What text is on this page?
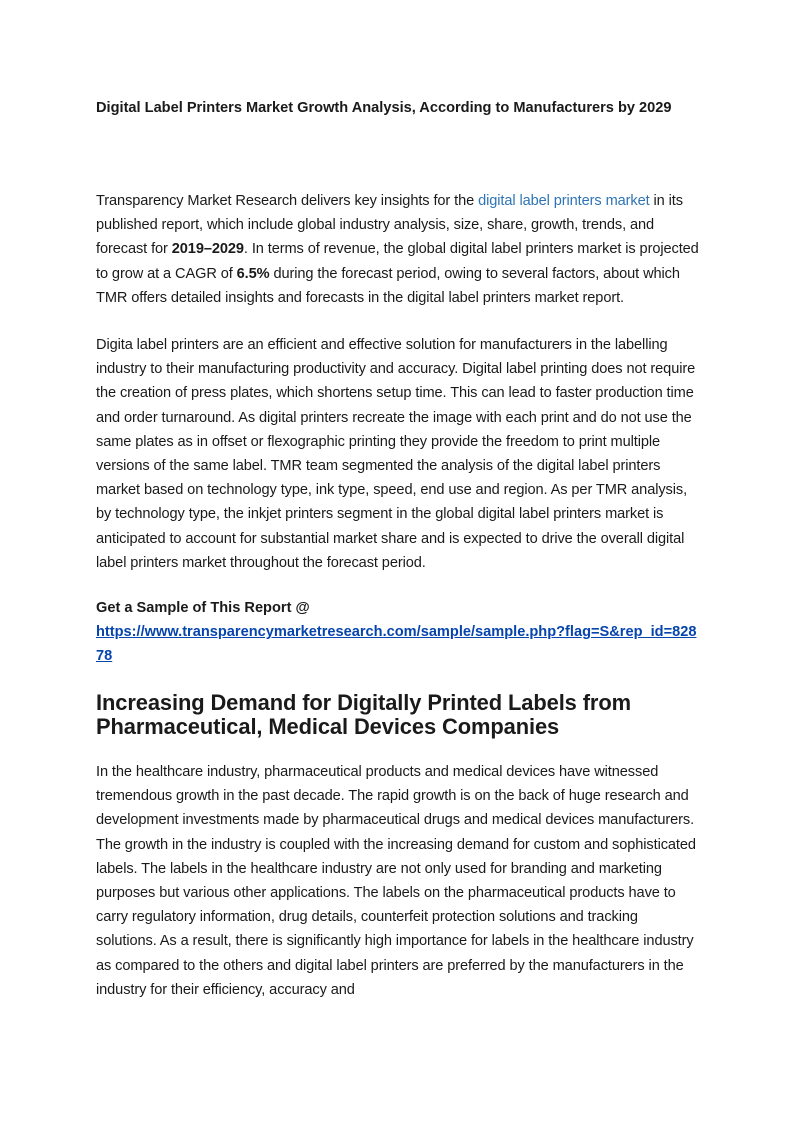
Digital Label Printers Market Growth Analysis, According to Manufacturers by 2029

Transparency Market Research delivers key insights for the digital label printers market in its published report, which include global industry analysis, size, share, growth, trends, and forecast for 2019–2029. In terms of revenue, the global digital label printers market is projected to grow at a CAGR of 6.5% during the forecast period, owing to several factors, about which TMR offers detailed insights and forecasts in the digital label printers market report.

Digita label printers are an efficient and effective solution for manufacturers in the labelling industry to their manufacturing productivity and accuracy. Digital label printing does not require the creation of press plates, which shortens setup time. This can lead to faster production time and order turnaround. As digital printers recreate the image with each print and do not use the same plates as in offset or flexographic printing they provide the freedom to print multiple versions of the same label. TMR team segmented the analysis of the digital label printers market based on technology type, ink type, speed, end use and region. As per TMR analysis, by technology type, the inkjet printers segment in the global digital label printers market is anticipated to account for substantial market share and is expected to drive the overall digital label printers market throughout the forecast period.

Get a Sample of This Report @
https://www.transparencymarketresearch.com/sample/sample.php?flag=S&rep_id=82878
Increasing Demand for Digitally Printed Labels from Pharmaceutical, Medical Devices Companies

In the healthcare industry, pharmaceutical products and medical devices have witnessed tremendous growth in the past decade. The rapid growth is on the back of huge research and development investments made by pharmaceutical drugs and medical devices manufacturers. The growth in the industry is coupled with the increasing demand for custom and sophisticated labels. The labels in the healthcare industry are not only used for branding and marketing purposes but various other applications. The labels on the pharmaceutical products have to carry regulatory information, drug details, counterfeit protection solutions and tracking solutions. As a result, there is significantly high importance for labels in the healthcare industry as compared to the others and digital label printers are preferred by the manufacturers in the industry for their efficiency, accuracy and
